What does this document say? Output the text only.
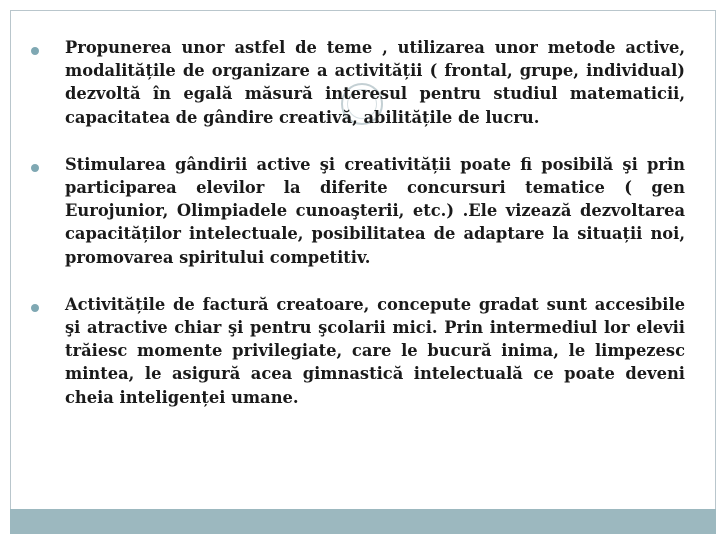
Propunerea unor astfel de teme , utilizarea unor metode active, modalitățile de organizare a activității ( frontal, grupe, individual) dezvoltă în egală măsură interesul pentru studiul matematicii, capacitatea de gândire creativă, abilitățile de lucru.

Stimularea gândirii active şi creativității poate fi posibilă şi prin participarea elevilor la diferite concursuri tematice ( gen Eurojunior, Olimpiadele cunoaşterii, etc.) .Ele vizează dezvoltarea capacităților intelectuale, posibilitatea de adaptare la situații noi, promovarea spiritului competitiv.

Activitățile de factură creatoare, concepute gradat sunt accesibile şi atractive chiar şi pentru şcolarii mici. Prin intermediul lor elevii trăiesc momente privilegiate, care le bucură inima, le limpezesc mintea, le asigură acea gimnastică intelectuală ce poate deveni cheia inteligenței umane.
